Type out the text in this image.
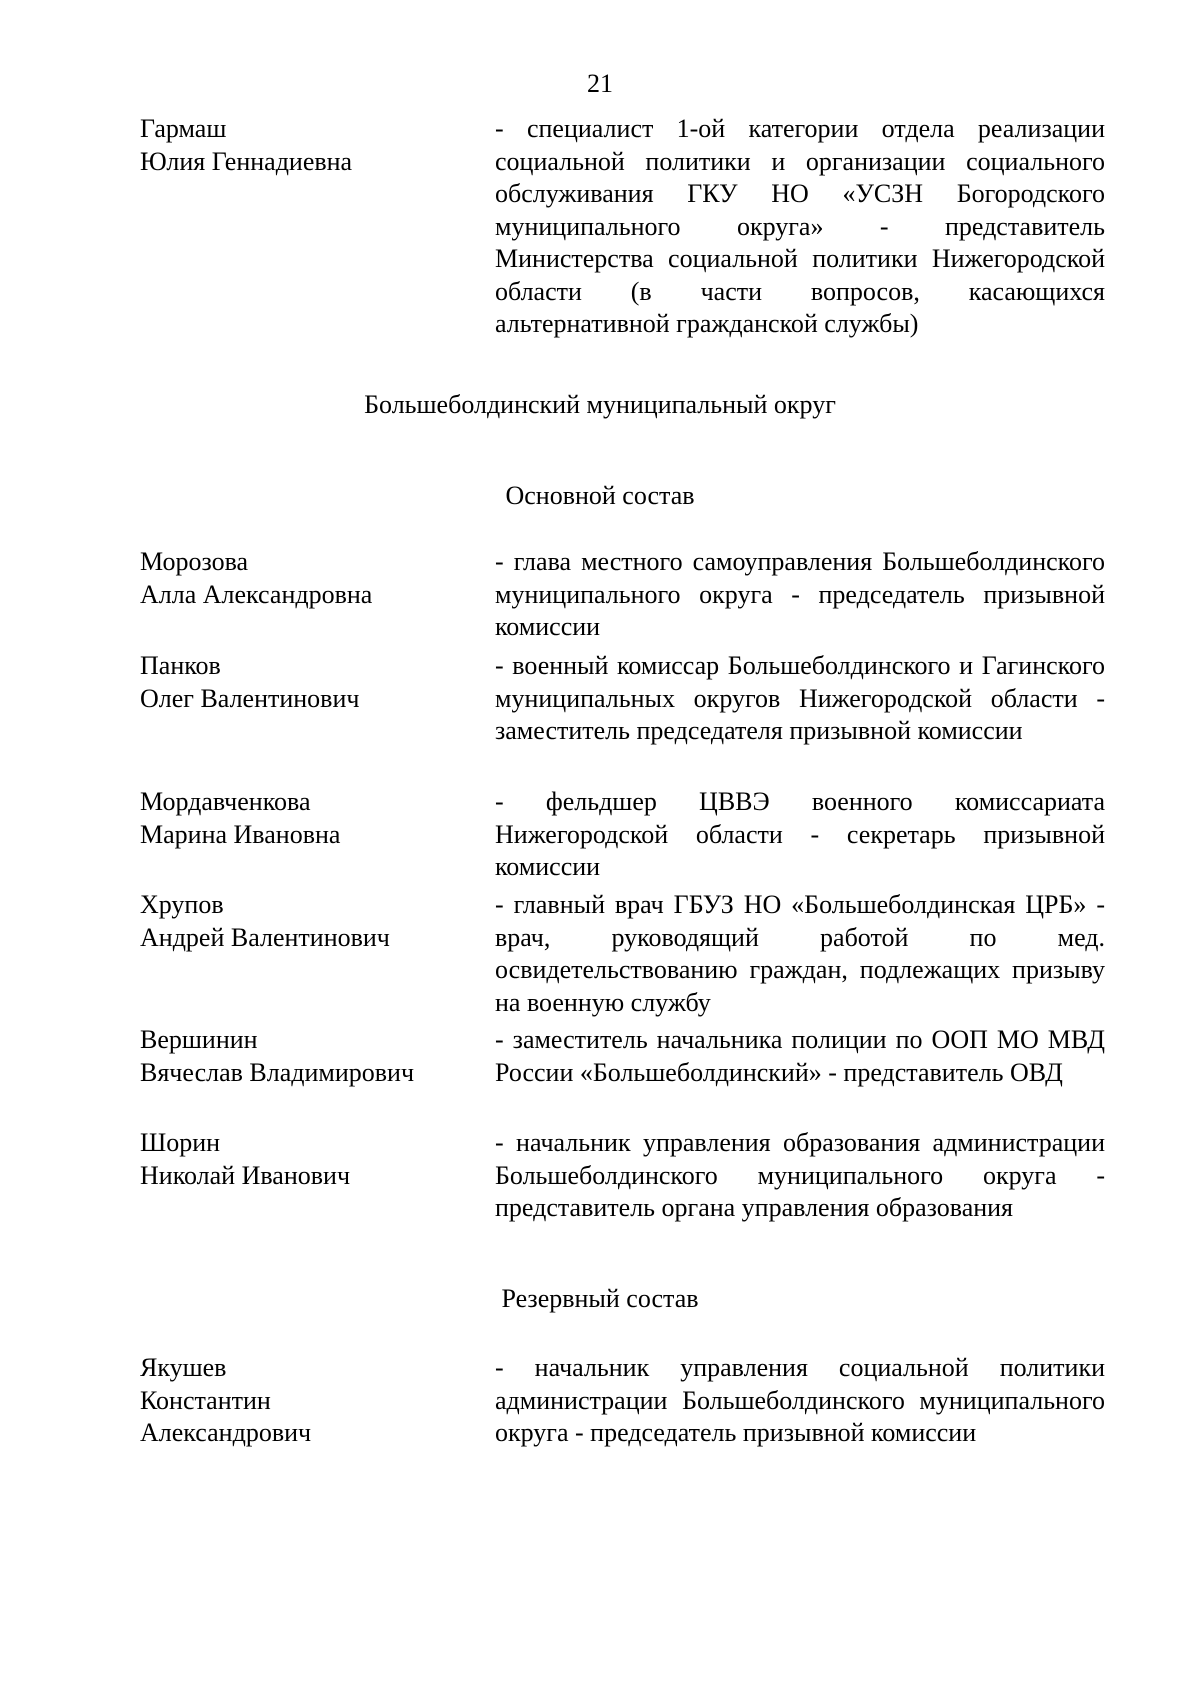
21
Гармаш
Юлия Геннадиевна
- специалист 1-ой категории отдела реализации социальной политики и организации социального обслуживания ГКУ НО «УСЗН Богородского муниципального округа» - представитель Министерства социальной политики Нижегородской области (в части вопросов, касающихся альтернативной гражданской службы)
Большеболдинский муниципальный округ
Основной состав
Морозова
Алла Александровна
- глава местного самоуправления Большеболдинского муниципального округа - председатель призывной комиссии
Панков
Олег Валентинович
- военный комиссар Большеболдинского и Гагинского муниципальных округов Нижегородской области - заместитель председателя призывной комиссии
Мордавченкова
Марина Ивановна
- фельдшер ЦВВЭ военного комиссариата Нижегородской области - секретарь призывной комиссии
Хрупов
Андрей Валентинович
- главный врач ГБУЗ НО «Большеболдинская ЦРБ» - врач, руководящий работой по мед. освидетельствованию граждан, подлежащих призыву на военную службу
Вершинин
Вячеслав Владимирович
- заместитель начальника полиции по ООП МО МВД России «Большеболдинский» - представитель ОВД
Шорин
Николай Иванович
- начальник управления образования администрации Большеболдинского муниципального округа - представитель органа управления образования
Резервный состав
Якушев
Константин
Александрович
- начальник управления социальной политики администрации Большеболдинского муниципального округа - председатель призывной комиссии
